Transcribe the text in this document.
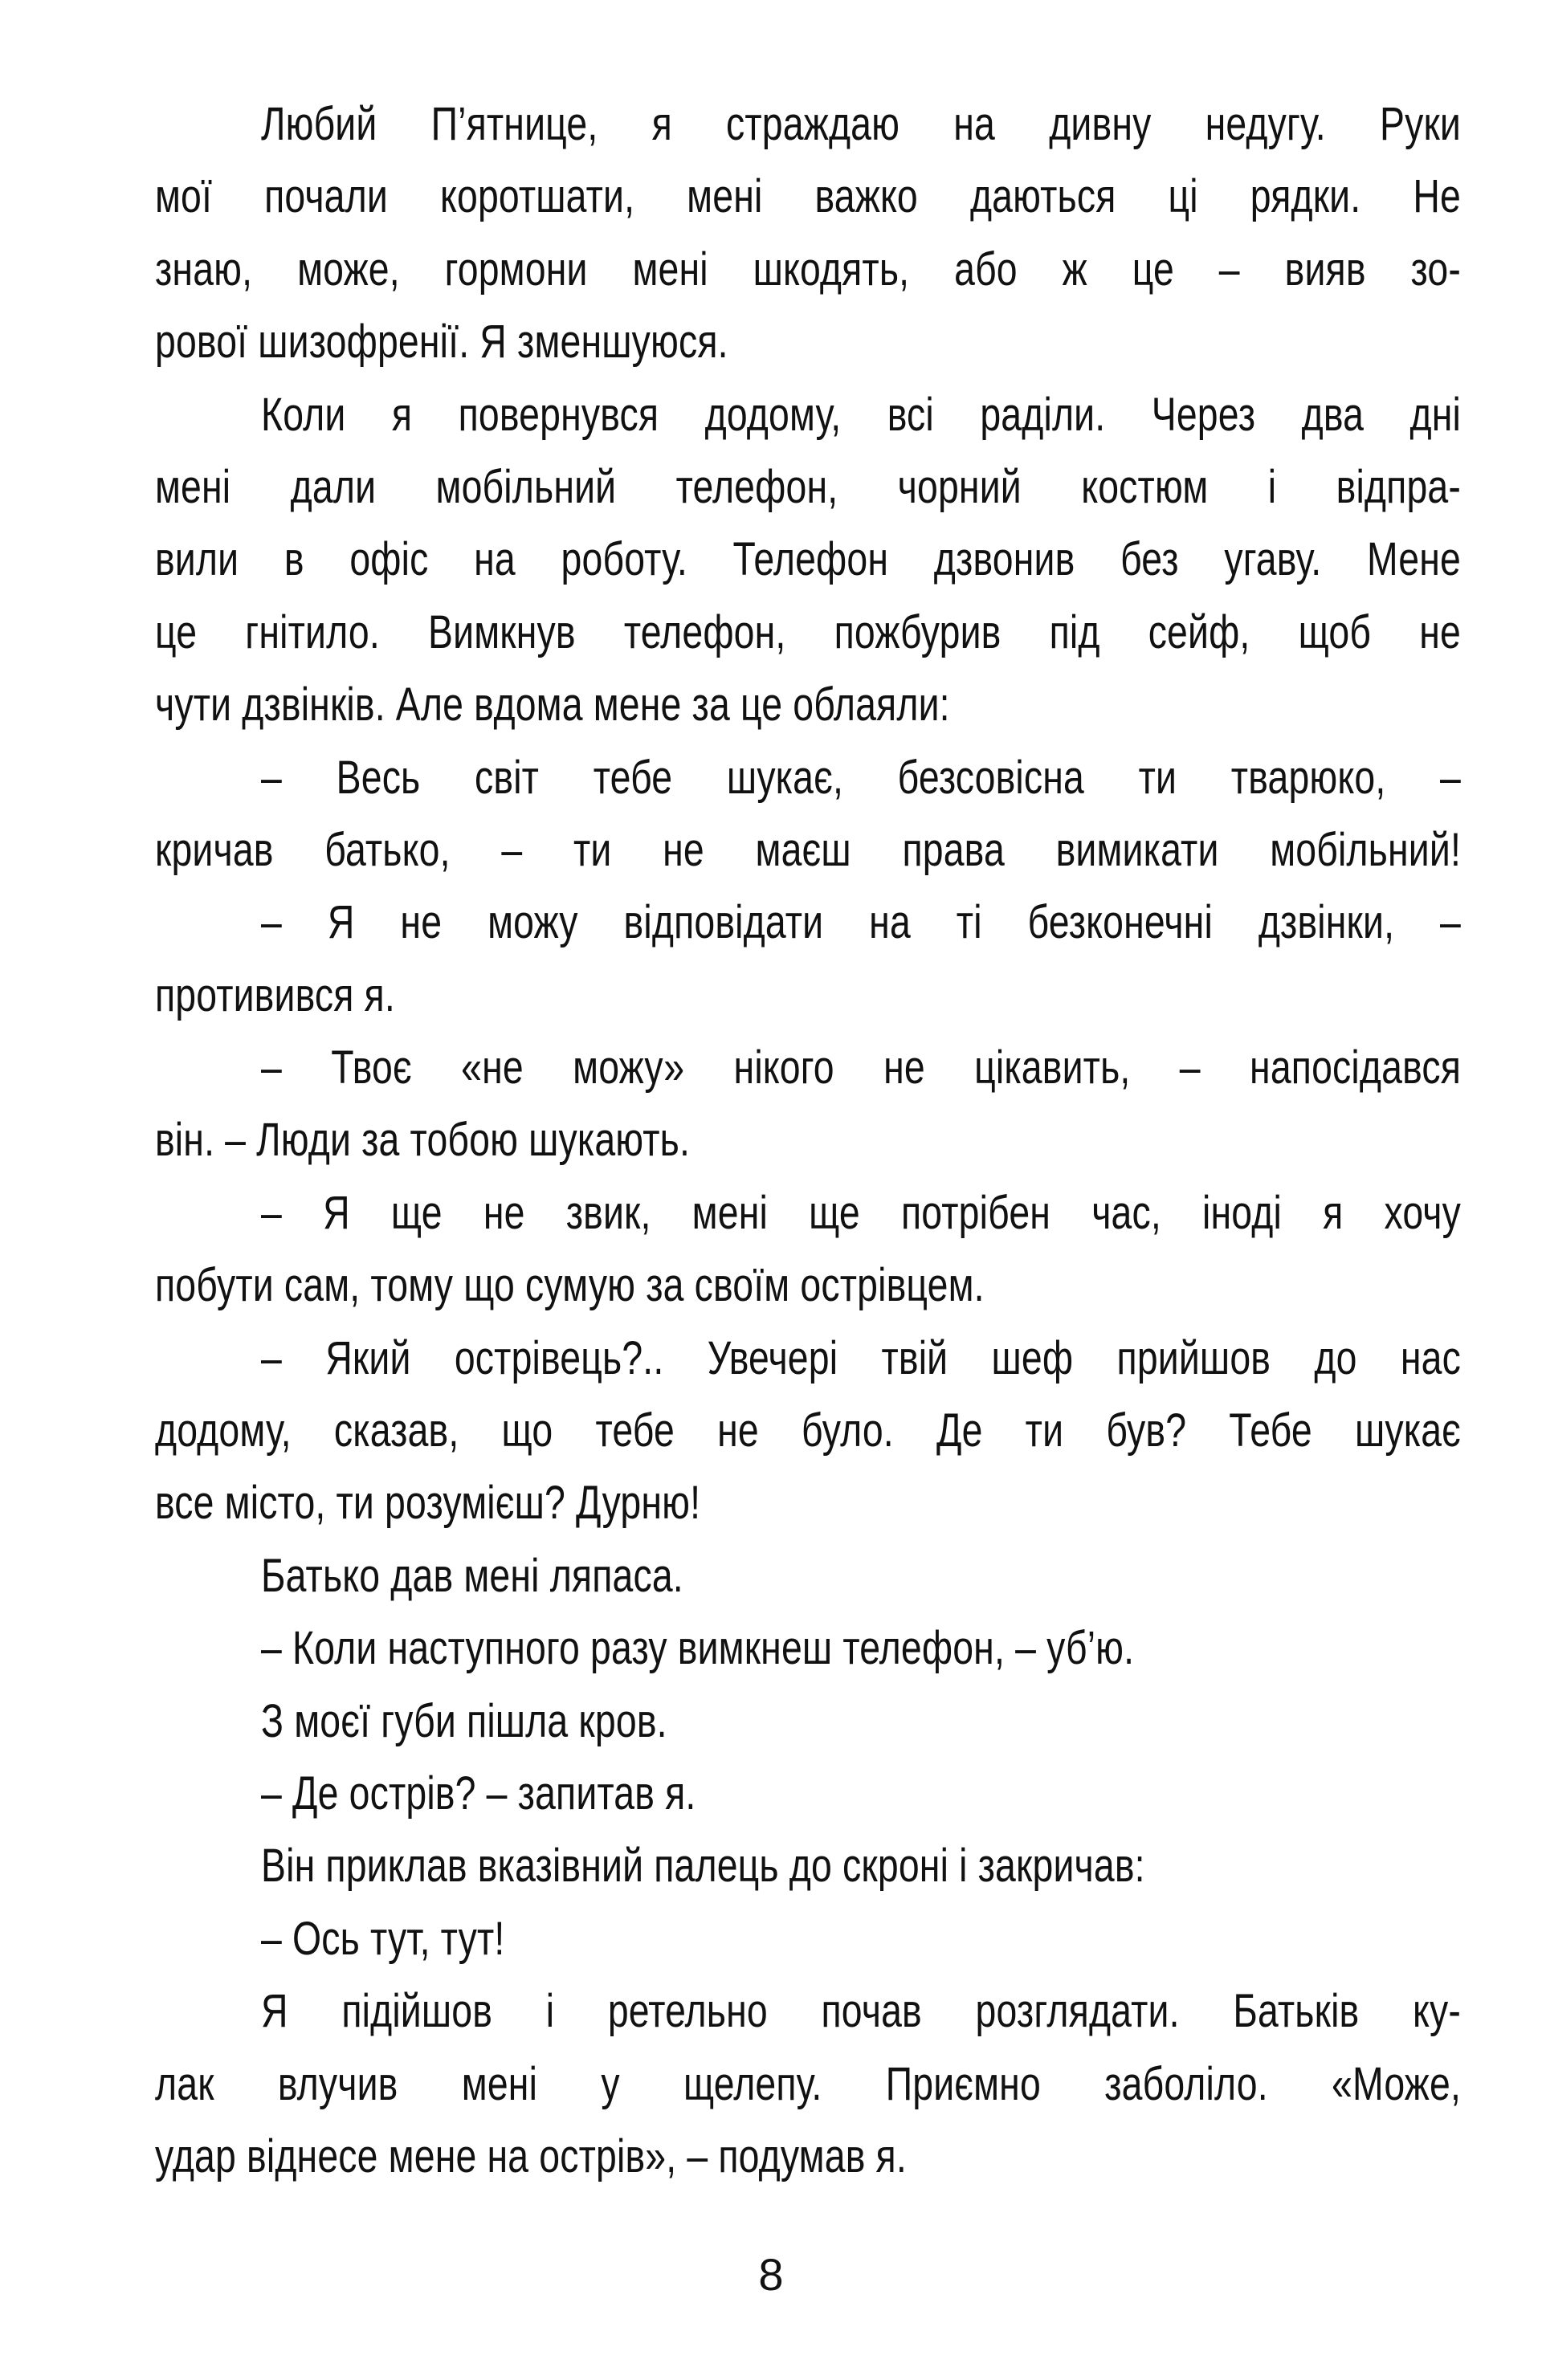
Любий П’ятнице, я страждаю на дивну недугу. Руки
мої почали коротшати, мені важко даються ці рядки. Не
знаю, може, гормони мені шкодять, або ж це – вияв зо-
рової шизофренії. Я зменшуюся.
Коли я повернувся додому, всі раділи. Через два дні
мені дали мобільний телефон, чорний костюм і відпра-
вили в офіс на роботу. Телефон дзвонив без угаву. Мене
це гнітило. Вимкнув телефон, пожбурив під сейф, щоб не
чути дзвінків. Але вдома мене за це облаяли:
– Весь світ тебе шукає, безсовісна ти тварюко, –
кричав батько, – ти не маєш права вимикати мобільний!
– Я не можу відповідати на ті безконечні дзвінки, –
противився я.
– Твоє «не можу» нікого не цікавить, – напосідався
він. – Люди за тобою шукають.
– Я ще не звик, мені ще потрібен час, іноді я хочу
побути сам, тому що сумую за своїм острівцем.
– Який острівець?.. Увечері твій шеф прийшов до нас
додому, сказав, що тебе не було. Де ти був? Тебе шукає
все місто, ти розумієш? Дурню!
Батько дав мені ляпаса.
– Коли наступного разу вимкнеш телефон, – уб’ю.
З моєї губи пішла кров.
– Де острів? – запитав я.
Він приклав вказівний палець до скроні і закричав:
– Ось тут, тут!
Я підійшов і ретельно почав розглядати. Батьків ку-
лак влучив мені у щелепу. Приємно заболіло. «Може,
удар віднесе мене на острів», – подумав я.
8
